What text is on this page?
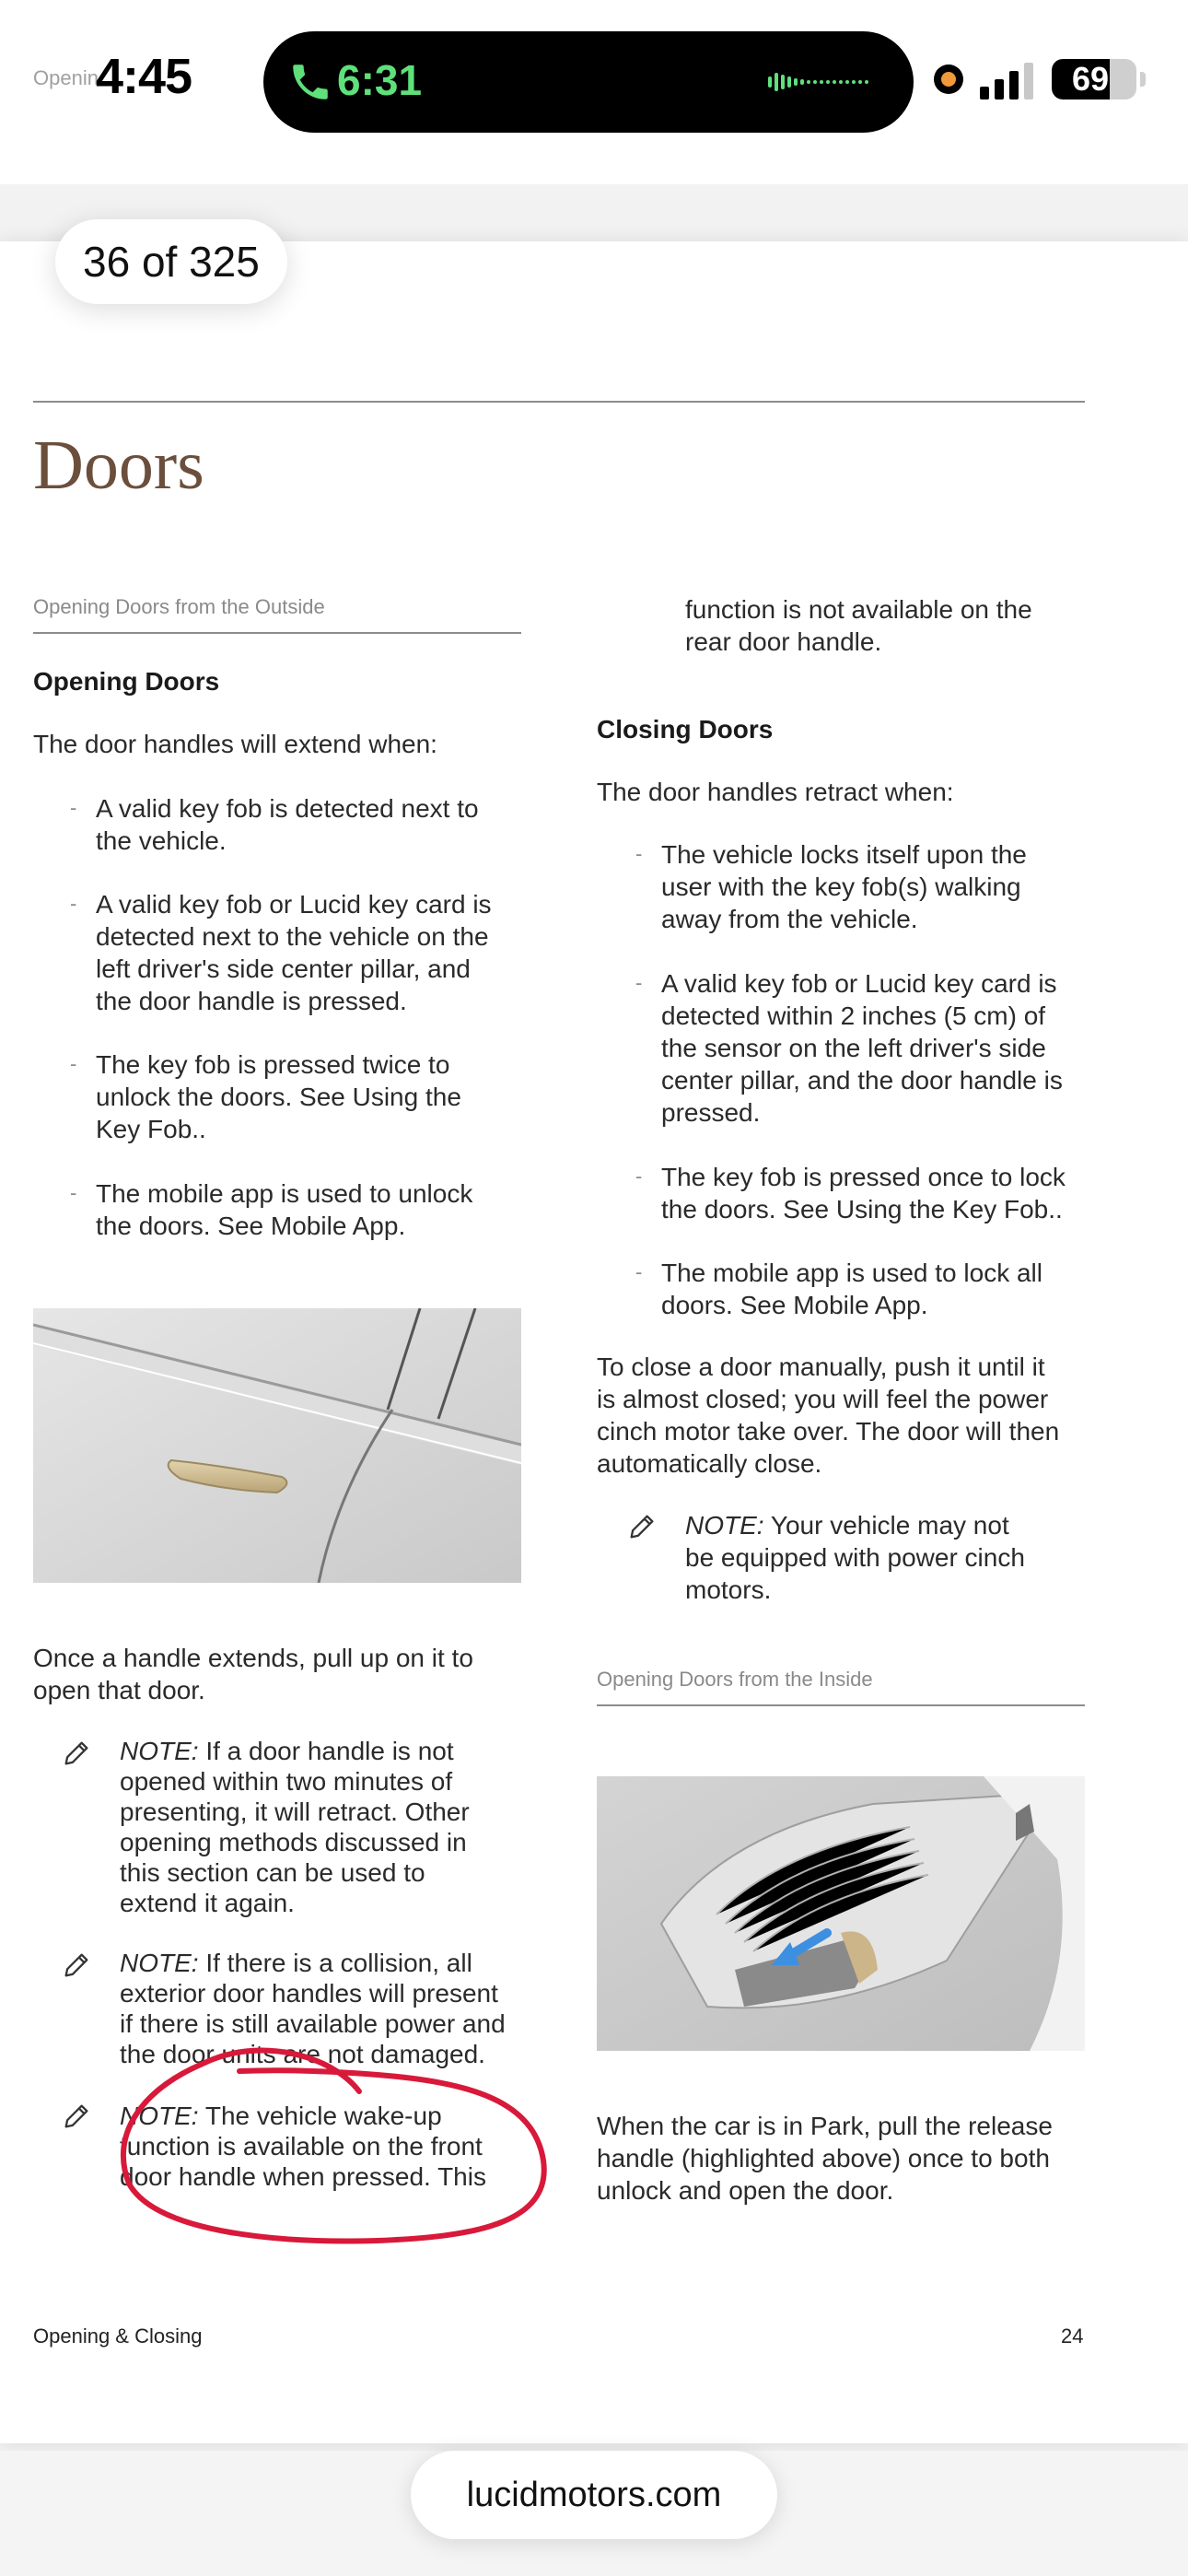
Openin
4:45	6:31	69
36 of 325
Doors
Opening Doors from the Outside
Opening Doors
The door handles will extend when:
- A valid key fob is detected next to
the vehicle.
- A valid key fob or Lucid key card is
detected next to the vehicle on the
left driver's side center pillar, and
the door handle is pressed.
- The key fob is pressed twice to
unlock the doors. See Using the
Key Fob..
- The mobile app is used to unlock
the doors. See Mobile App.
Once a handle extends, pull up on it to
open that door.
NOTE: If a door handle is not
opened within two minutes of
presenting, it will retract. Other
opening methods discussed in
this section can be used to
extend it again.
NOTE: If there is a collision, all
exterior door handles will present
if there is still available power and
the door units are not damaged.
NOTE: The vehicle wake-up
function is available on the front
door handle when pressed. This
function is not available on the
rear door handle.
Closing Doors
The door handles retract when:
- The vehicle locks itself upon the
user with the key fob(s) walking
away from the vehicle.
- A valid key fob or Lucid key card is
detected within 2 inches (5 cm) of
the sensor on the left driver's side
center pillar, and the door handle is
pressed.
- The key fob is pressed once to lock
the doors. See Using the Key Fob..
- The mobile app is used to lock all
doors. See Mobile App.
To close a door manually, push it until it
is almost closed; you will feel the power
cinch motor take over. The door will then
automatically close.
NOTE: Your vehicle may not
be equipped with power cinch
motors.
Opening Doors from the Inside
When the car is in Park, pull the release
handle (highlighted above) once to both
unlock and open the door.
Opening & Closing	24
lucidmotors.com
